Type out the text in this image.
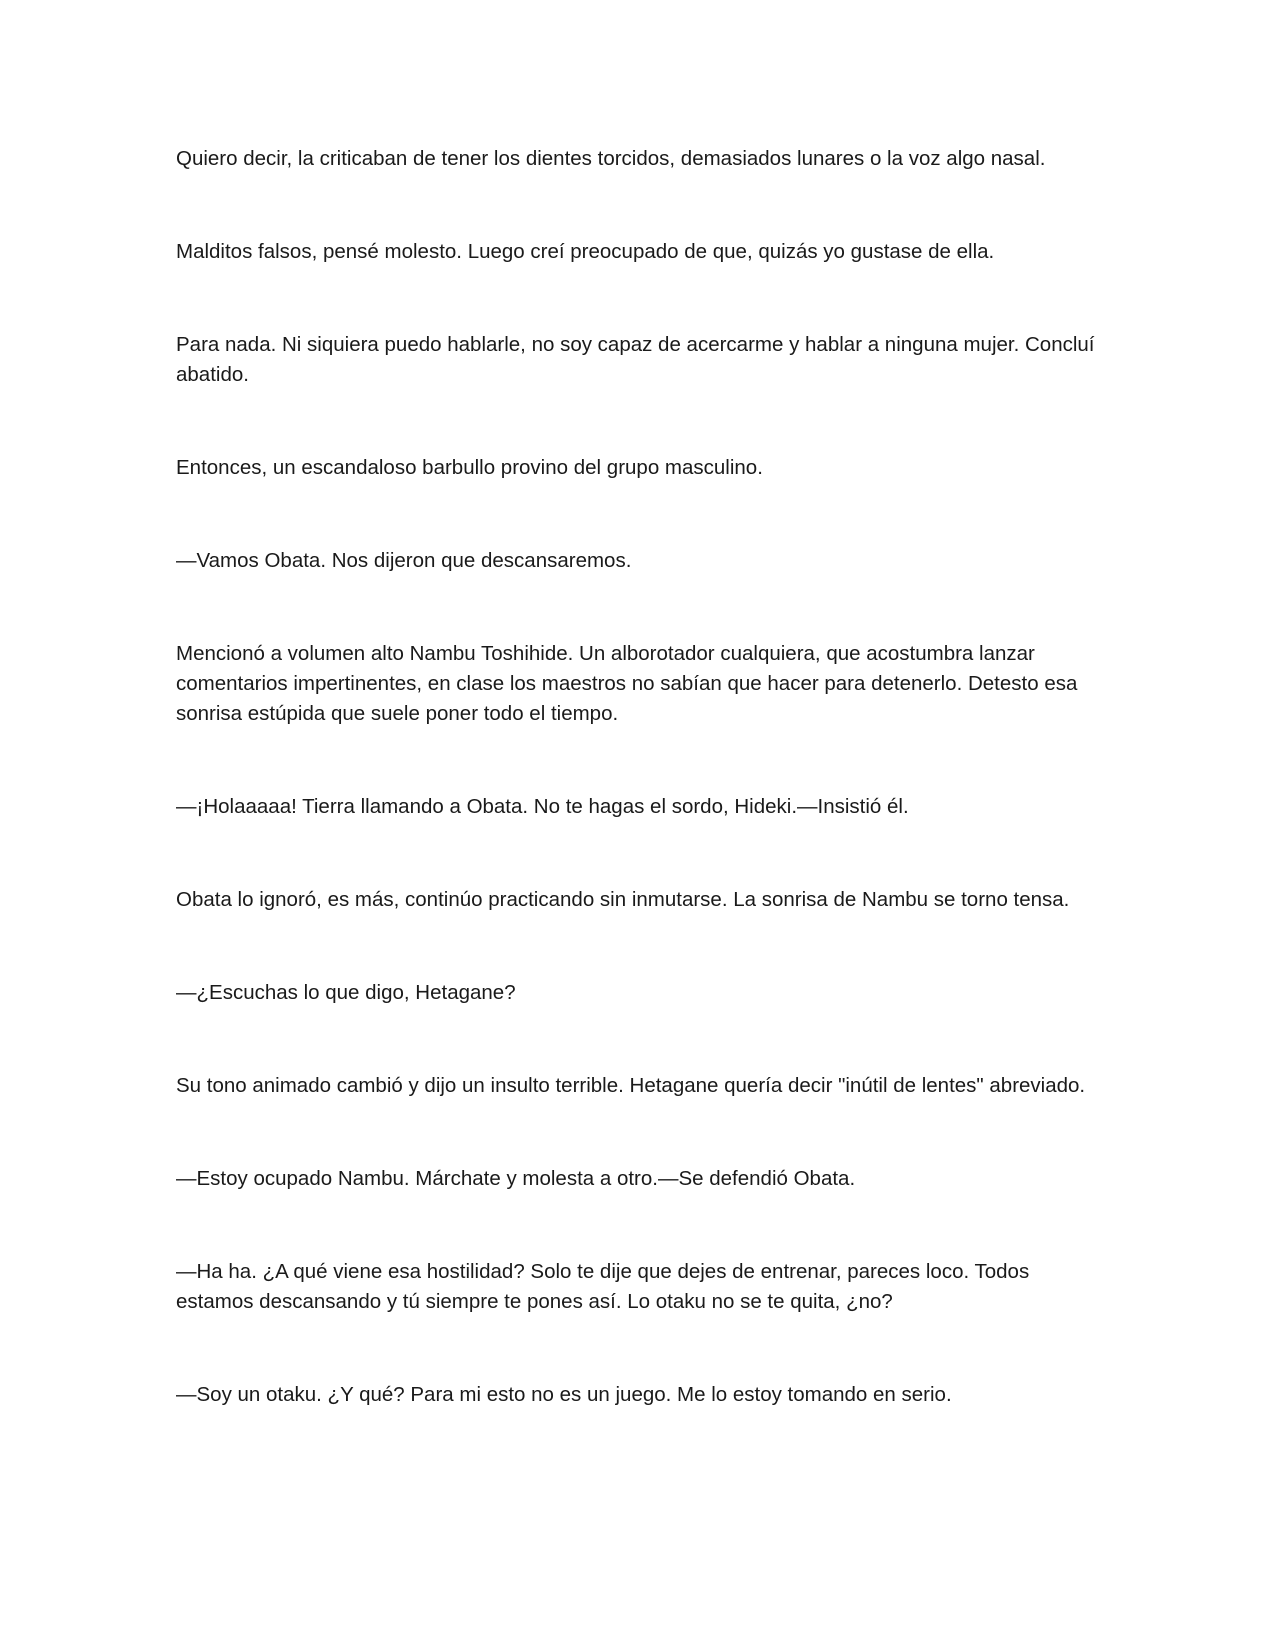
Quiero decir, la criticaban de tener los dientes torcidos, demasiados lunares o la voz algo nasal.

Malditos falsos, pensé molesto. Luego creí preocupado de que, quizás yo gustase de ella.

Para nada. Ni siquiera puedo hablarle, no soy capaz de acercarme y hablar a ninguna mujer. Concluí abatido.

Entonces, un escandaloso barbullo provino del grupo masculino.

—Vamos Obata. Nos dijeron que descansaremos.

Mencionó a volumen alto Nambu Toshihide. Un alborotador cualquiera, que acostumbra lanzar comentarios impertinentes, en clase los maestros no sabían que hacer para detenerlo. Detesto esa sonrisa estúpida que suele poner todo el tiempo.

—¡Holaaaaa! Tierra llamando a Obata. No te hagas el sordo, Hideki.—Insistió él.

Obata lo ignoró, es más, continúo practicando sin inmutarse. La sonrisa de Nambu se torno tensa.

—¿Escuchas lo que digo, Hetagane?

Su tono animado cambió y dijo un insulto terrible. Hetagane quería decir "inútil de lentes" abreviado.

—Estoy ocupado Nambu. Márchate y molesta a otro.—Se defendió Obata.

—Ha ha. ¿A qué viene esa hostilidad? Solo te dije que dejes de entrenar, pareces loco. Todos estamos descansando y tú siempre te pones así. Lo otaku no se te quita, ¿no?

—Soy un otaku. ¿Y qué? Para mi esto no es un juego. Me lo estoy tomando en serio.
